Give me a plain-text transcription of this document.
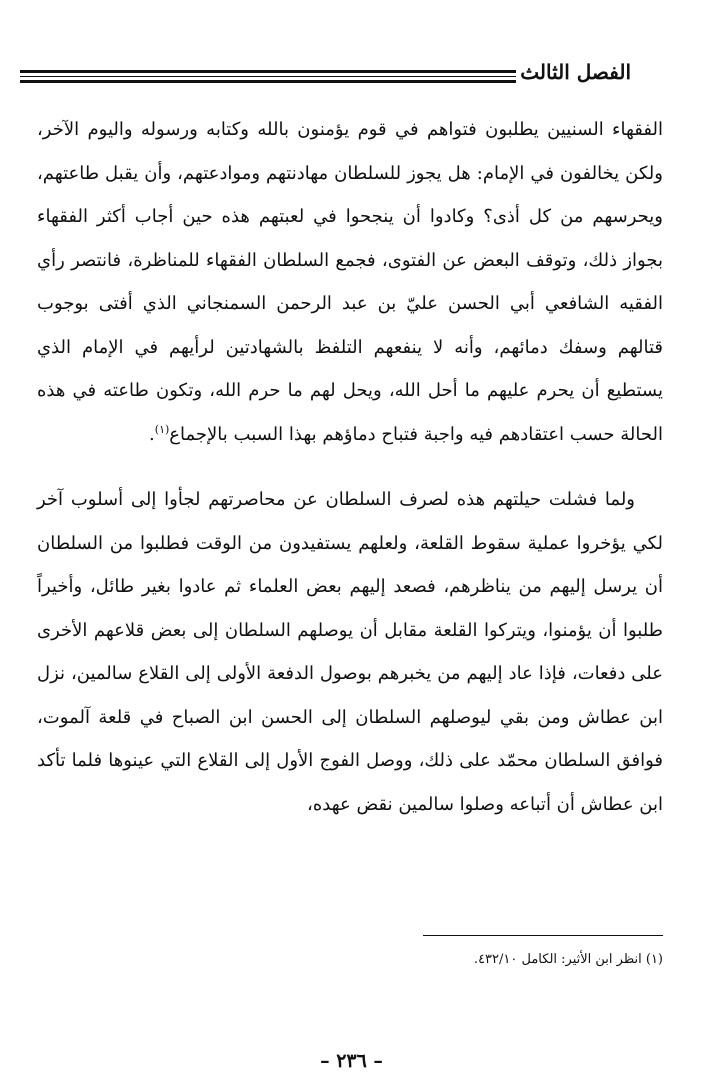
الفصل الثالث

الفقهاء السنيين يطلبون فتواهم في قوم يؤمنون بالله وكتابه ورسوله واليوم الآخر، ولكن يخالفون في الإمام: هل يجوز للسلطان مهادنتهم وموادعتهم، وأن يقبل طاعتهم، ويحرسهم من كل أذى؟ وكادوا أن ينجحوا في لعبتهم هذه حين أجاب أكثر الفقهاء بجواز ذلك، وتوقف البعض عن الفتوى، فجمع السلطان الفقهاء للمناظرة، فانتصر رأي الفقيه الشافعي أبي الحسن عليّ بن عبد الرحمن السمنجاني الذي أفتى بوجوب قتالهم وسفك دمائهم، وأنه لا ينفعهم التلفظ بالشهادتين لرأيهم في الإمام الذي يستطيع أن يحرم عليهم ما أحل الله، ويحل لهم ما حرم الله، وتكون طاعته في هذه الحالة حسب اعتقادهم فيه واجبة فتباح دماؤهم بهذا السبب بالإجماع$^{(١)}$.

ولما فشلت حيلتهم هذه لصرف السلطان عن محاصرتهم لجأوا إلى أسلوب آخر لكي يؤخروا عملية سقوط القلعة، ولعلهم يستفيدون من الوقت فطلبوا من السلطان أن يرسل إليهم من يناظرهم، فصعد إليهم بعض العلماء ثم عادوا بغير طائل، وأخيراً طلبوا أن يؤمنوا، ويتركوا القلعة مقابل أن يوصلهم السلطان إلى بعض قلاعهم الأخرى على دفعات، فإذا عاد إليهم من يخبرهم بوصول الدفعة الأولى إلى القلاع سالمين، نزل ابن عطاش ومن بقي ليوصلهم السلطان إلى الحسن ابن الصباح في قلعة آلموت، فوافق السلطان محمّد على ذلك، ووصل الفوج الأول إلى القلاع التي عينوها فلما تأكد ابن عطاش أن أتباعه وصلوا سالمين نقض عهده،

(١) انظر ابن الأثير: الكامل ٤٣٢/١٠.
– ٢٣٦ –
